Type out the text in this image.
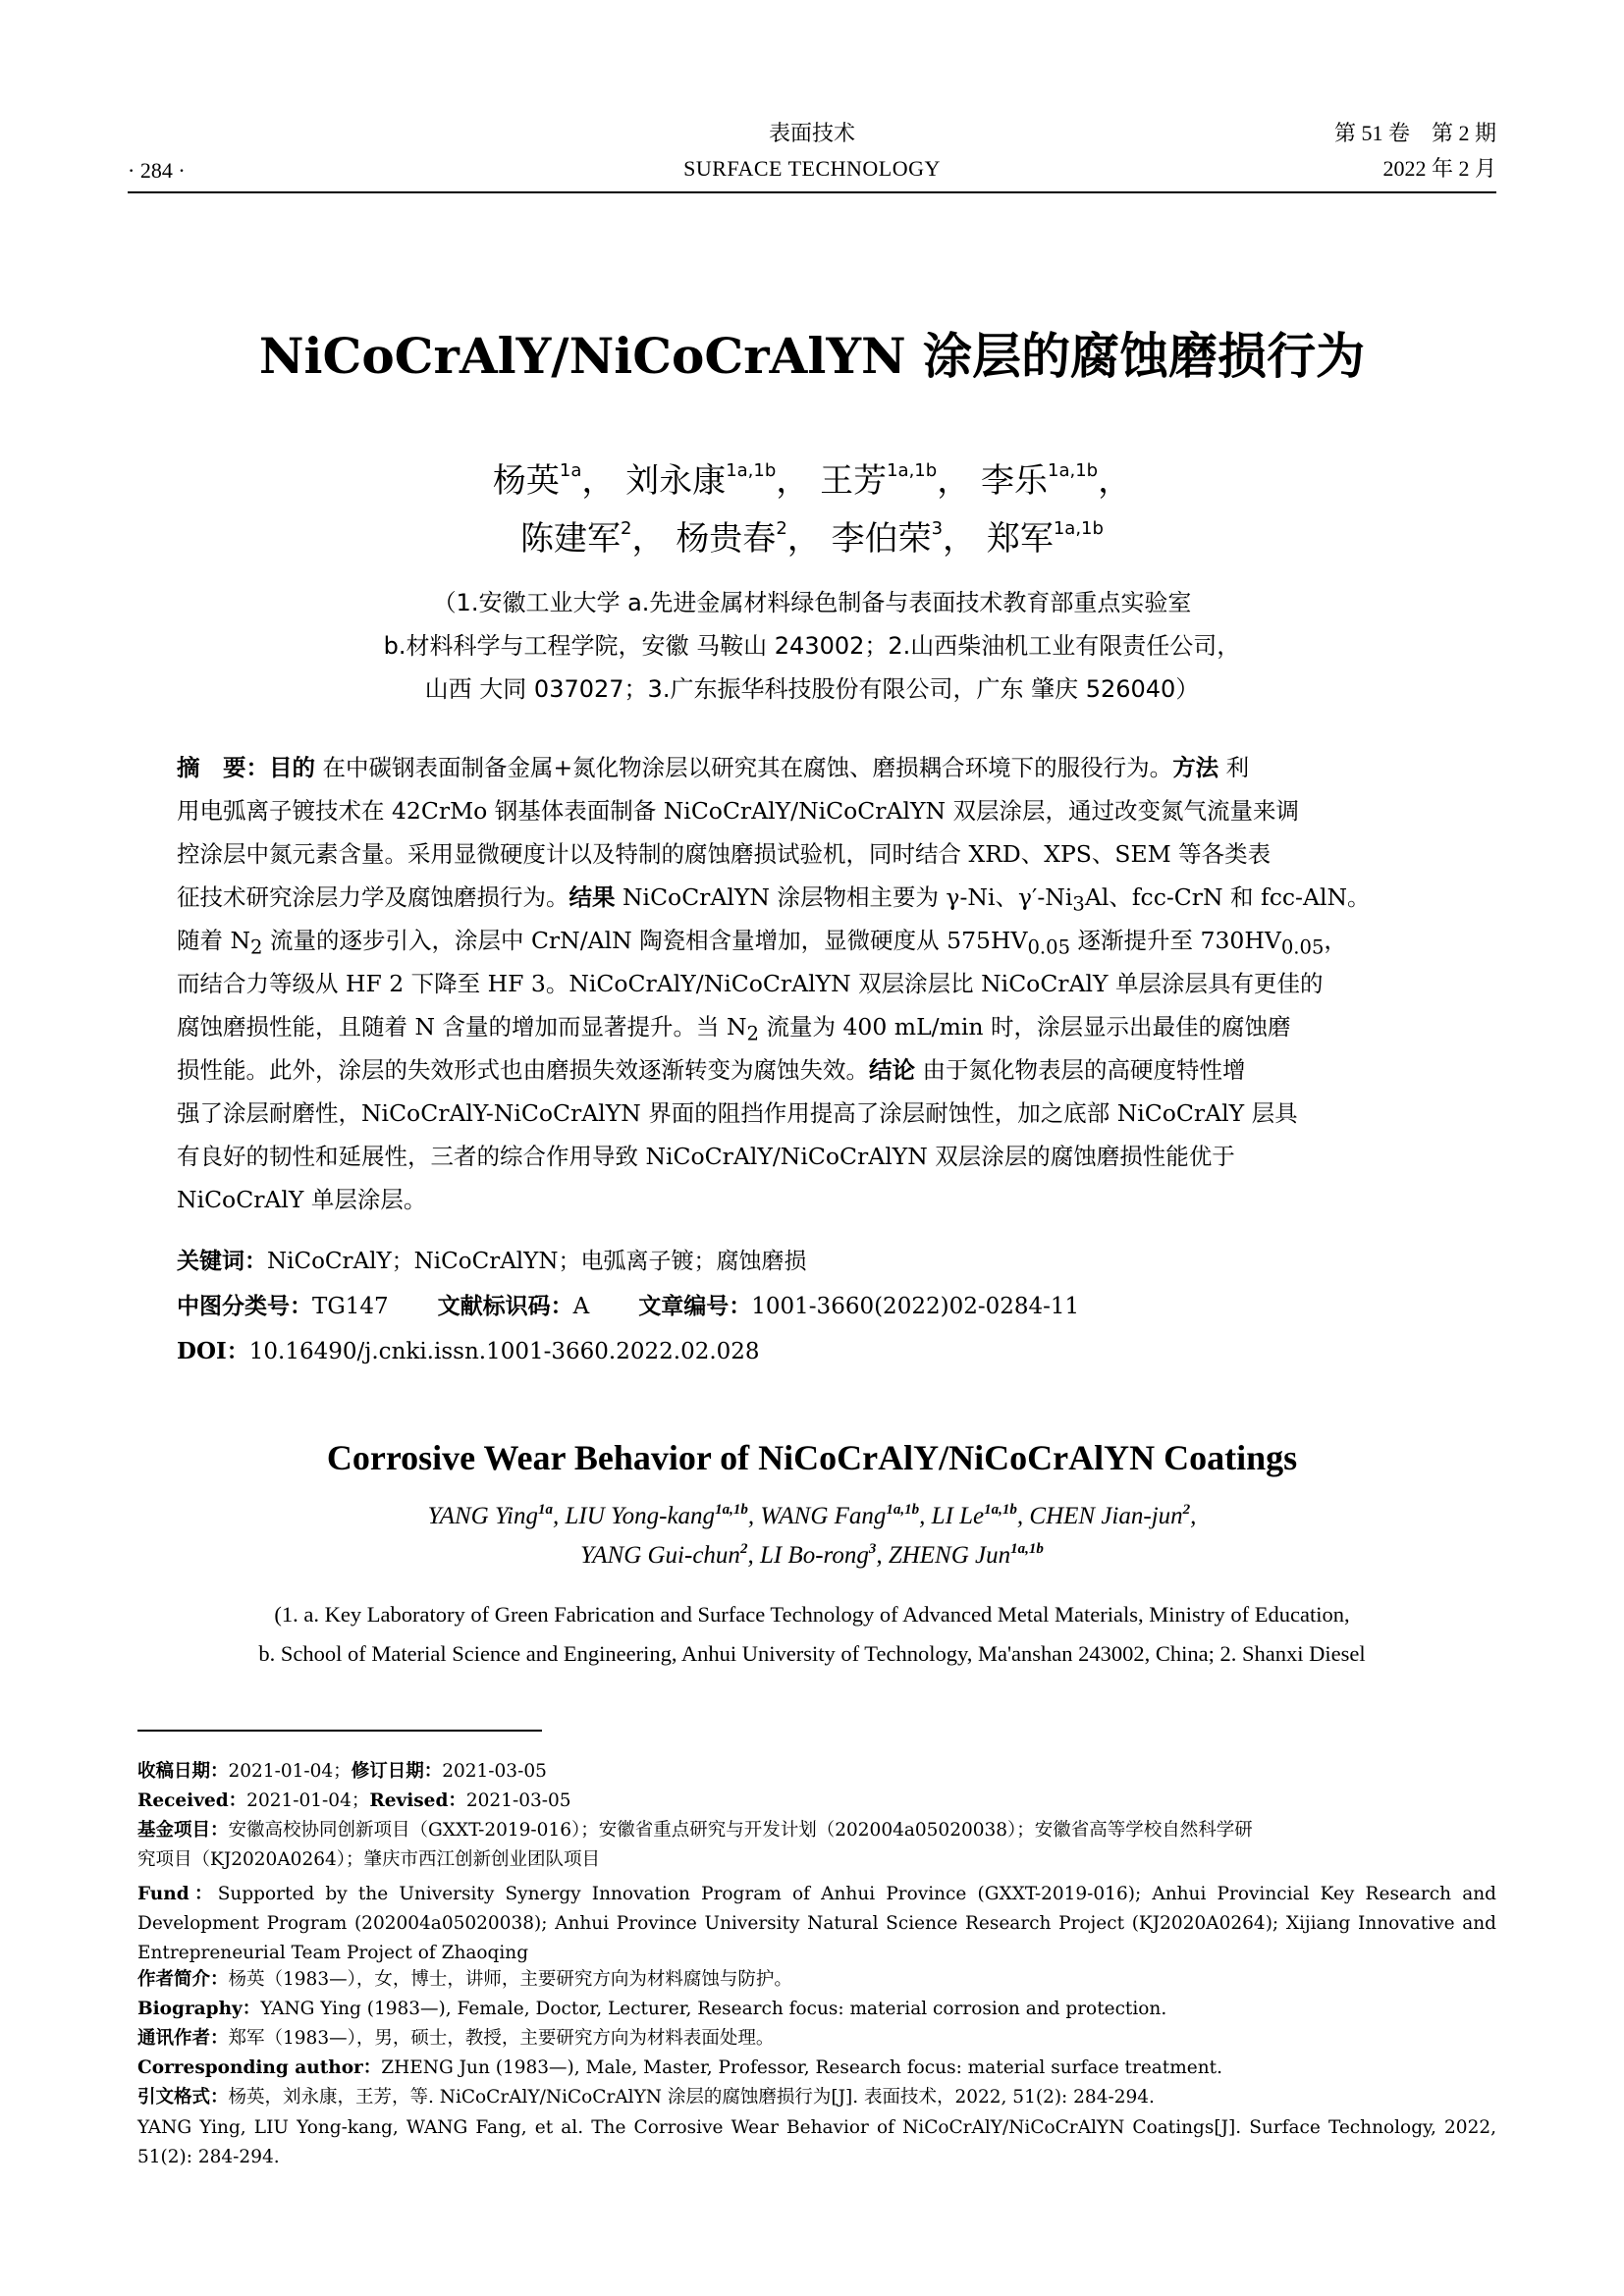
· 284 ·
表面技术
SURFACE TECHNOLOGY
第 51 卷　第 2 期
2022 年 2 月
NiCoCrAlY/NiCoCrAlYN 涂层的腐蚀磨损行为
杨英$^{1a}$， 刘永康$^{1a,1b}$， 王芳$^{1a,1b}$， 李乐$^{1a,1b}$，
陈建军$^2$， 杨贵春$^2$， 李伯荣$^3$， 郑军$^{1a,1b}$
（1.安徽工业大学 a.先进金属材料绿色制备与表面技术教育部重点实验室
b.材料科学与工程学院，安徽 马鞍山 243002；2.山西柴油机工业有限责任公司，
山西 大同 037027；3.广东振华科技股份有限公司，广东 肇庆 526040）
摘　要：目的 在中碳钢表面制备金属+氮化物涂层以研究其在腐蚀、磨损耦合环境下的服役行为。方法 利
用电弧离子镀技术在 42CrMo 钢基体表面制备 NiCoCrAlY/NiCoCrAlYN 双层涂层，通过改变氮气流量来调
控涂层中氮元素含量。采用显微硬度计以及特制的腐蚀磨损试验机，同时结合 XRD、XPS、SEM 等各类表
征技术研究涂层力学及腐蚀磨损行为。结果 NiCoCrAlYN 涂层物相主要为 γ-Ni、$\gamma'-Ni_3Al$、fcc-CrN 和 fcc-AlN。
随着 $N_2$ 流量的逐步引入，涂层中 CrN/AlN 陶瓷相含量增加，显微硬度从 $575HV_{0.05}$ 逐渐提升至 $730HV_{0.05}$，
而结合力等级从 HF 2 下降至 HF 3。NiCoCrAlY/NiCoCrAlYN 双层涂层比 NiCoCrAlY 单层涂层具有更佳的
腐蚀磨损性能，且随着 N 含量的增加而显著提升。当 $N_2$ 流量为 400 mL/min 时，涂层显示出最佳的腐蚀磨
损性能。此外，涂层的失效形式也由磨损失效逐渐转变为腐蚀失效。结论 由于氮化物表层的高硬度特性增
强了涂层耐磨性，NiCoCrAlY-NiCoCrAlYN 界面的阻挡作用提高了涂层耐蚀性，加之底部 NiCoCrAlY 层具
有良好的韧性和延展性，三者的综合作用导致 NiCoCrAlY/NiCoCrAlYN 双层涂层的腐蚀磨损性能优于
NiCoCrAlY 单层涂层。
关键词：NiCoCrAlY；NiCoCrAlYN；电弧离子镀；腐蚀磨损
中图分类号：TG147 文献标识码：A 文章编号：1001-3660(2022)02-0284-11
DOI：10.16490/j.cnki.issn.1001-3660.2022.02.028
Corrosive Wear Behavior of NiCoCrAlY/NiCoCrAlYN Coatings
YANG Ying$^{1a}$, LIU Yong-kang$^{1a,1b}$, WANG Fang$^{1a,1b}$, LI $Le^{1a,1b}$, CHEN Jian-jun$^2$,
YANG Gui-chun$^2$, LI Bo-rong$^3$, ZHENG Jun$^{1a,1b}$
(1. a. Key Laboratory of Green Fabrication and Surface Technology of Advanced Metal Materials, Ministry of Education,
b. School of Material Science and Engineering, Anhui University of Technology, Ma'anshan 243002, China; 2. Shanxi Diesel
收稿日期：2021-01-04；修订日期：2021-03-05
Received：2021-01-04；Revised：2021-03-05
基金项目：安徽高校协同创新项目（GXXT-2019-016）；安徽省重点研究与开发计划（202004a05020038）；安徽省高等学校自然科学研
究项目（KJ2020A0264）；肇庆市西江创新创业团队项目
Fund：Supported by the University Synergy Innovation Program of Anhui Province (GXXT-2019-016); Anhui Provincial Key Research and Development Program (202004a05020038); Anhui Province University Natural Science Research Project (KJ2020A0264); Xijiang Innovative and Entrepreneurial Team Project of Zhaoqing
作者简介：杨英（1983—），女，博士，讲师，主要研究方向为材料腐蚀与防护。
Biography：YANG Ying (1983—), Female, Doctor, Lecturer, Research focus: material corrosion and protection.
通讯作者：郑军（1983—），男，硕士，教授，主要研究方向为材料表面处理。
Corresponding author：ZHENG Jun (1983—), Male, Master, Professor, Research focus: material surface treatment.
引文格式：杨英，刘永康，王芳，等. NiCoCrAlY/NiCoCrAlYN 涂层的腐蚀磨损行为[J]. 表面技术，2022, 51(2): 284-294.
YANG Ying, LIU Yong-kang, WANG Fang, et al. The Corrosive Wear Behavior of NiCoCrAlY/NiCoCrAlYN Coatings[J]. Surface Technology, 2022, 51(2): 284-294.
